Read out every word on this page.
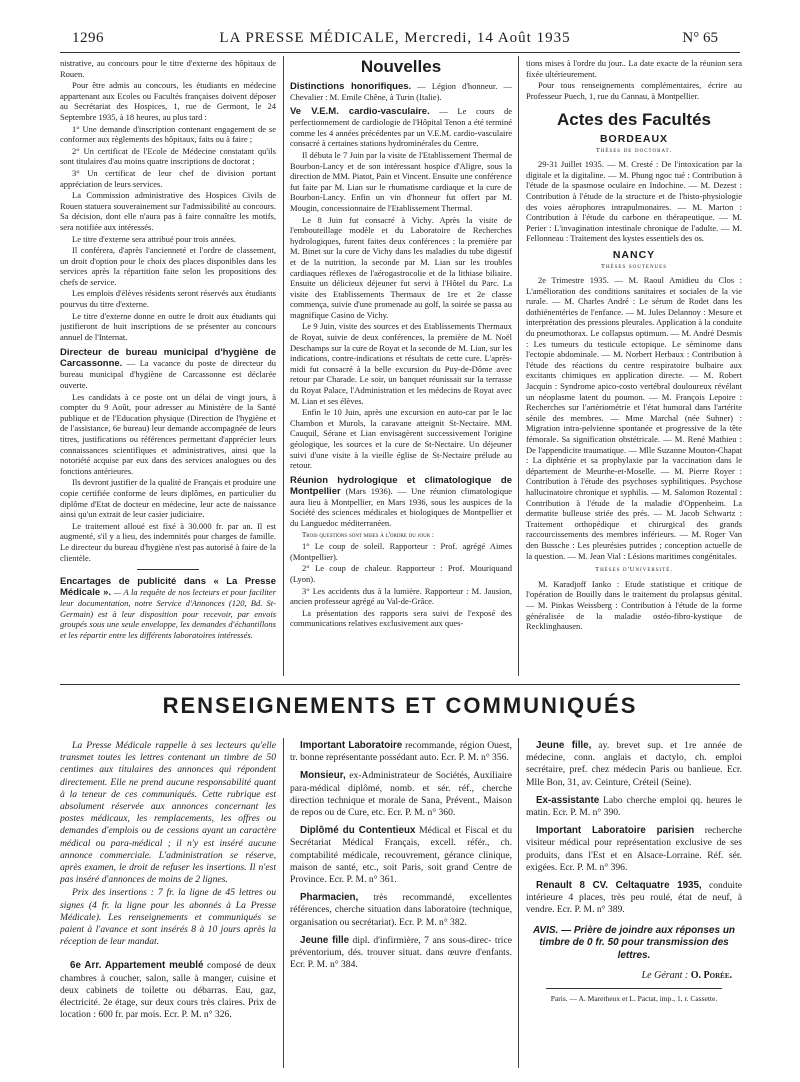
1296	LA PRESSE MÉDICALE, Mercredi, 14 Août 1935	N° 65

nistrative, au concours pour le titre d'externe des hôpitaux de Rouen.

Pour être admis au concours, les étudiants en médecine appartenant aux Ecoles ou Facultés françaises doivent déposer au Secrétariat des Hospices, 1, rue de Germont, le 24 Septembre 1935, à 18 heures, au plus tard :

1° Une demande d'inscription contenant engagement de se conformer aux règlements des hôpitaux, faits ou à faire ;

2° Un certificat de l'Ecole de Médecine constatant qu'ils sont titulaires d'au moins quatre inscriptions de doctorat ;

3° Un certificat de leur chef de division portant appréciation de leurs services.

La Commission administrative des Hospices Civils de Rouen statuera souverainement sur l'admissibilité au concours. Sa décision, dont elle n'aura pas à faire connaître les motifs, sera notifiée aux intéressés.

Le titre d'externe sera attribué pour trois années.

Il conférera, d'après l'ancienneté et l'ordre de classement, un droit d'option pour le choix des places disponibles dans les services après la répartition faite selon les propositions des chefs de service.

Les emplois d'élèves résidents seront réservés aux étudiants pourvus du titre d'externe.

Le titre d'externe donne en outre le droit aux étudiants qui justifieront de huit inscriptions de se présenter au concours annuel de l'Internat.

Directeur de bureau municipal d'hygiène de Carcassonne. — La vacance du poste de directeur du bureau municipal d'hygiène de Carcassonne est déclarée ouverte.

Les candidats à ce poste ont un délai de vingt jours, à compter du 9 Août, pour adresser au Ministère de la Santé publique et de l'Education physique (Direction de l'hygiène et de l'assistance, 6e bureau) leur demande accompagnée de leurs titres, justifications ou références permettant d'apprécier leurs connaissances scientifiques et administratives, ainsi que la notoriété acquise par eux dans des services analogues ou des fonctions antérieures.

Ils devront justifier de la qualité de Français et produire une copie certifiée conforme de leurs diplômes, en particulier du diplôme d'Etat de docteur en médecine, leur acte de naissance ainsi qu'un extrait de leur casier judiciaire.

Le traitement alloué est fixé à 30.000 fr. par an. Il est augmenté, s'il y a lieu, des indemnités pour charges de famille. Le directeur du bureau d'hygiène n'est pas autorisé à faire de la clientèle.

Encartages de publicité dans « La Presse Médicale ». — A la requête de nos lecteurs et pour faciliter leur documentation, notre Service d'Annonces (120, Bd. St-Germain) est à leur disposition pour recevoir, par envois groupés sous une seule enveloppe, les demandes d'échantillons et les répartir entre les différents laboratoires intéressés.

Nouvelles

Distinctions honorifiques. — Légion d'honneur. — Chevalier : M. Emile Chêne, à Turin (Italie).

Ve V.E.M. cardio-vasculaire. — Le cours de perfectionnement de cardiologie de l'Hôpital Tenon a été terminé comme les 4 années précédentes par un V.E.M. cardio-vasculaire consacré à certaines stations hydrominérales du Centre.

Il débuta le 7 Juin par la visite de l'Etablissement Thermal de Bourbon-Lancy et de son intéressant hospice d'Aligre, sous la direction de MM. Piatot, Pain et Vincent. Ensuite une conférence fut faite par M. Lian sur le rhumatisme cardiaque et la cure de Bourbon-Lancy. Enfin un vin d'honneur fut offert par M. Mougin, concessionnaire de l'Etablissement Thermal.

Le 8 Juin fut consacré à Vichy. Après la visite de l'embouteillage modèle et du Laboratoire de Recherches hydrologiques, furent faites deux conférences : la première par M. Binet sur la cure de Vichy dans les maladies du tube digestif et de la nutrition, la seconde par M. Lian sur les troubles cardiaques réflexes de l'aérogastrocolie et de la lithiase biliaire. Ensuite un délicieux déjeuner fut servi à l'Hôtel du Parc. La visite des Etablissements Thermaux de 1re et 2e classe commença, suivie d'une promenade au golf, la soirée se passa au magnifique Casino de Vichy.

Le 9 Juin, visite des sources et des Etablissements Thermaux de Royat, suivie de deux conférences, la première de M. Noël Deschamps sur la cure de Royat et la seconde de M. Lian, sur les indications, contre-indications et résultats de cette cure. L'après-midi fut consacré à la belle excursion du Puy-de-Dôme avec retour par Charade. Le soir, un banquet réunissait sur la terrasse du Royat Palace, l'Administration et les médecins de Royat avec M. Lian et ses élèves.

Enfin le 10 Juin, après une excursion en auto-car par le lac Chambon et Murols, la caravane atteignit St-Nectaire. MM. Cauquil, Sérane et Lian envisagèrent successivement l'origine géologique, les sources et la cure de St-Nectaire. Un déjeuner suivi d'une visite à la vieille église de St-Nectaire prélude au retour.

Réunion hydrologique et climatologique de Montpellier (Mars 1936). — Une réunion climatologique aura lieu à Montpellier, en Mars 1936, sous les auspices de la Société des sciences médicales et biologiques de Montpellier et du Languedoc méditerranéen.

Trois questions sont mises à l'ordre du jour :

1° Le coup de soleil. Rapporteur : Prof. agrégé Aimes (Montpellier).

2° Le coup de chaleur. Rapporteur : Prof. Mouriquand (Lyon).

3° Les accidents dus à la lumière. Rapporteur : M. Jausion, ancien professeur agrégé au Val-de-Grâce.

La présentation des rapports sera suivi de l'exposé des communications relatives exclusivement aux ques-

tions mises à l'ordre du jour.. La date exacte de la réunion sera fixée ultérieurement.

Pour tous renseignements complémentaires, écrire au Professeur Puech, 1, rue du Cannau, à Montpellier.

Actes des Facultés
BORDEAUX
Thèses de doctorat.

29-31 Juillet 1935. — M. Cresté : De l'intoxication par la digitale et la digitaline. — M. Phung ngoc tué : Contribution à l'étude de la spasmose oculaire en Indochine. — M. Dezest : Contribution à l'étude de la structure et de l'histo-physiologie des voies aérophores intrapulmonaires. — M. Marton : Contribution à l'étude du carbone en thérapeutique. — M. Perier : L'invagination intestinale chronique de l'adulte. — M. Fellonneau : Traitement des kystes essentiels des os.

NANCY
Thèses soutenues

2e Trimestre 1935. — M. Raoul Amidieu du Clos : L'amélioration des conditions sanitaires et sociales de la vie rurale. — M. Charles André : Le sérum de Rodet dans les dothiénentéries de l'enfance. — M. Jules Delannoy : Mesure et interprétation des pressions pleurales. Application à la conduite du pneumothorax. Le collapsus optimum. — M. André Desmis : Les tumeurs du testicule ectopique. Le séminome dans l'ectopie abdominale. — M. Norbert Herbaux : Contribution à l'étude des réactions du centre respiratoire bulbaire aux excitants chimiques en application directe. — M. Robert Jacquin : Syndrome apico-costo vertébral douloureux révélant un néoplasme latent du poumon. — M. François Lepoire : Recherches sur l'artériométrie et l'état humoral dans l'artérite sénile des membres. — Mme Marchal (née Suhner) : Migration intra-pelvienne spontanée et progressive de la tête fémorale. Sa signification obstétricale. — M. René Mathieu : De l'appendicite traumatique. — Mlle Suzanne Mouton-Chapat : La diphtérie et sa prophylaxie par la vaccination dans le département de Meurthe-et-Moselle. — M. Pierre Royer : Contribution à l'étude des psychoses syphilitiques. Psychose hallucinatoire chronique et syphilis. — M. Salomon Rozental : Contribution à l'étude de la maladie d'Oppenheim. La dermatite bulleuse striée des prés. — M. Jacob Schwartz : Traitement orthopédique et chirurgical des grands raccourcissements des membres inférieurs. — M. Roger Van den Bussche : Les pleurésies putrides ; conception actuelle de la question. — M. Jean Vial : Lésions maritimes congénitales.

Thèses d'Université.

M. Karadjoff Ianko : Etude statistique et critique de l'opération de Bouilly dans le traitement du prolapsus génital. — M. Pinkas Weissberg : Contribution à l'étude de la forme généralisée de la maladie ostéo-fibro-kystique de Recklinghausen.

RENSEIGNEMENTS ET COMMUNIQUÉS

La Presse Médicale rappelle à ses lecteurs qu'elle transmet toutes les lettres contenant un timbre de 50 centimes aux titulaires des annonces qui répondent directement. Elle ne prend aucune responsabilité quant à la teneur de ces communiqués. Cette rubrique est absolument réservée aux annonces concernant les postes médicaux, les remplacements, les offres ou demandes d'emplois ou de cessions ayant un caractère médical ou para-médical ; il n'y est inséré aucune annonce commerciale. L'administration se réserve, après examen, le droit de refuser les insertions. Il n'est pas inséré d'annonces de moins de 2 lignes.

Prix des insertions : 7 fr. la ligne de 45 lettres ou signes (4 fr. la ligne pour les abonnés à La Presse Médicale). Les renseignements et communiqués se paient à l'avance et sont insérés 8 à 10 jours après la réception de leur mandat.

6e Arr. Appartement meublé composé de deux chambres à coucher, salon, salle à manger, cuisine et deux cabinets de toilette ou débarras. Eau, gaz, électricité. 2e étage, sur deux cours très claires. Prix de location : 600 fr. par mois. Ecr. P. M. n° 326.

Important Laboratoire recommande, région Ouest, tr. bonne représentante possédant auto. Ecr. P. M. n° 356.

Monsieur, ex-Administrateur de Sociétés, Auxiliaire para-médical diplômé, nomb. et sér. réf., cherche direction technique et morale de Sana, Prévent., Maison de repos ou de Cure, etc. Ecr. P. M. n° 360.

Diplômé du Contentieux Médical et Fiscal et du Secrétariat Médical Français, excell. référ., ch. comptabilité médicale, recouvrement, gérance clinique, maison de santé, etc., soit Paris, soit grand Centre de Province. Ecr. P. M. n° 361.

Pharmacien, très recommandé, excellentes références, cherche situation dans laboratoire (technique, organisation ou secrétariat). Ecr. P. M. n° 382.

Jeune fille dipl. d'infirmière, 7 ans sous-direc- trice préventorium, dés. trouver situat. dans œuvre d'enfants. Ecr. P. M. n° 384.

Jeune fille, ay. brevet sup. et 1re année de médecine, conn. anglais et dactylo, ch. emploi secrétaire, pref. chez médecin Paris ou banlieue. Ecr. Mlle Bon, 31, av. Ceinture, Créteil (Seine).

Ex-assistante Labo cherche emploi qq. heures le matin. Ecr. P. M. n° 390.

Important Laboratoire parisien recherche visiteur médical pour représentation exclusive de ses produits, dans l'Est et en Alsace-Lorraine. Réf. sér. exigées. Ecr. P. M. n° 396.

Renault 8 CV. Celtaquatre 1935, conduite intérieure 4 places, très peu roulé, état de neuf, à vendre. Ecr. P. M. n° 389.

AVIS. — Prière de joindre aux réponses un timbre de 0 fr. 50 pour transmission des lettres.
Le Gérant : O. Porée.
Paris. — A. Maretheux et L. Pactat, imp., 1, r. Cassette.
